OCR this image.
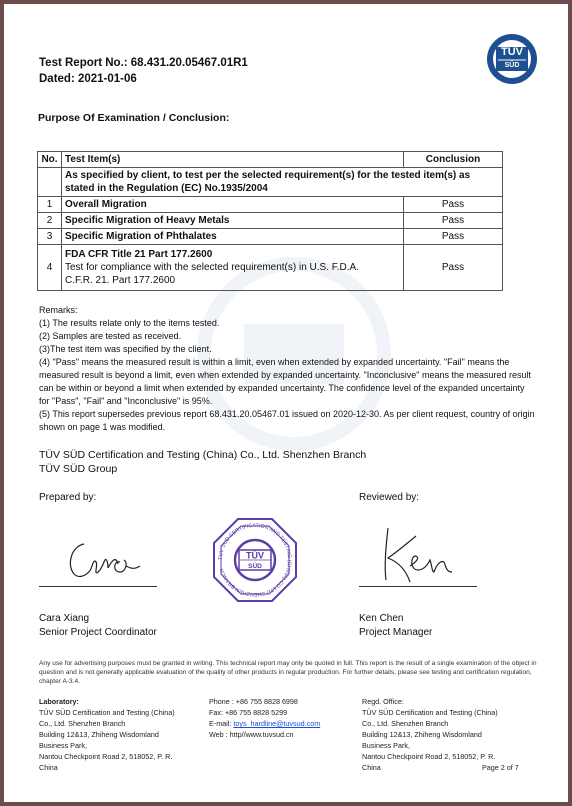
Test Report No.: 68.431.20.05467.01R1
Dated: 2021-01-06
TÜV
SÜD
Purpose Of Examination / Conclusion:
No.	Test Item(s)	Conclusion
	As specified by client, to test per the selected requirement(s) for the tested item(s) as stated in the Regulation (EC) No.1935/2004	
1	Overall Migration	Pass
2	Specific Migration of Heavy Metals	Pass
3	Specific Migration of Phthalates	Pass
4	FDA CFR Title 21 Part 177.2600
Test for compliance with the selected requirement(s) in U.S. F.D.A.
C.F.R. 21. Part 177.2600	Pass
Remarks:
(1) The results relate only to the items tested.
(2) Samples are tested as received.
(3)The test item was specified by the client.
(4) "Pass" means the measured result is within a limit, even when extended by expanded uncertainty. "Fail" means the measured result is beyond a limit, even when extended by expanded uncertainty. "Inconclusive" means the measured result can be within or beyond a limit when extended by expanded uncertainty. The confidence level of the expanded uncertainty for "Pass", "Fail" and "Inconclusive" is 95%.
(5) This report supersedes previous report 68.431.20.05467.01 issued on 2020-12-30. As per client request, country of origin shown on page 1 was modified.
TÜV SÜD Certification and Testing (China) Co., Ltd. Shenzhen Branch
TÜV SÜD Group
Prepared by:	Reviewed by:
TUV SUD CERTIFICATION AND TESTING (CHINA) CO LTD SHENZHEN BRANCH
TÜV
SÜD
Cara Xiang
Senior Project Coordinator
Ken Chen
Project Manager
Any use for advertising purposes must be granted in writing. This technical report may only be quoted in full. This report is the result of a single examination of the object in question and is not generally applicable evaluation of the quality of other products in regular production. For further details, please see testing and certification regulation, chapter A-3.4.
Laboratory:
TÜV SÜD Certification and Testing (China)
Co., Ltd. Shenzhen Branch
Building 12&13, Zhiheng Wisdomland
Business Park,
Nantou Checkpoint Road 2, 518052, P. R.
China
Phone : +86 755 8828 6998
Fax: +86 755 8828 5299
E-mail: toys_hardline@tuvsud.com
Web : http//www.tuvsud.cn
Regd. Office:
TÜV SÜD Certification and Testing (China)
Co., Ltd. Shenzhen Branch
Building 12&13, Zhiheng Wisdomland
Business Park,
Nantou Checkpoint Road 2, 518052, P. R.
China	Page 2 of 7
